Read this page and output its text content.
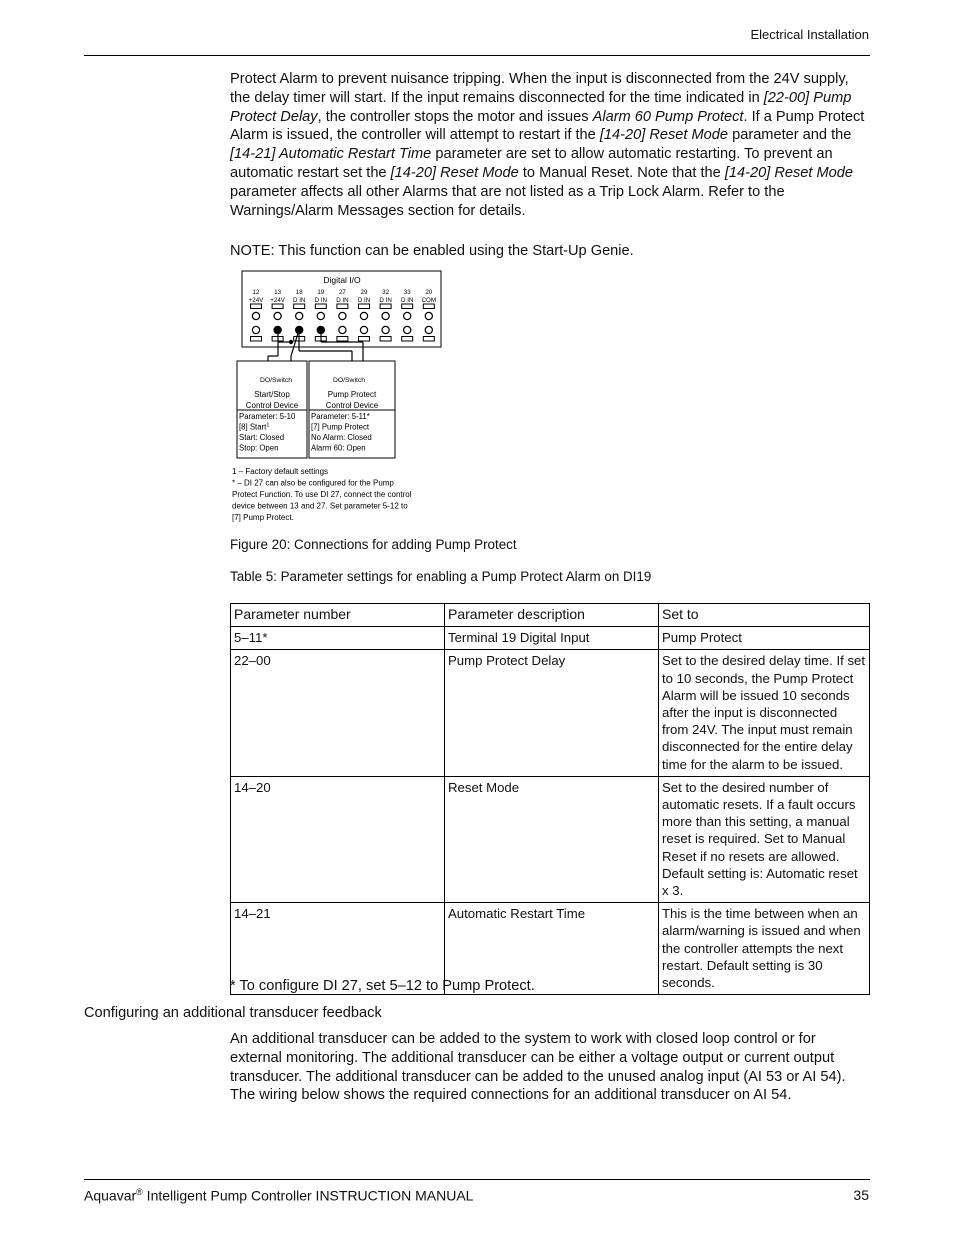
Electrical Installation

Protect Alarm to prevent nuisance tripping. When the input is disconnected from the 24V supply, the delay timer will start. If the input remains disconnected for the time indicated in [22-00] Pump Protect Delay, the controller stops the motor and issues Alarm 60 Pump Protect. If a Pump Protect Alarm is issued, the controller will attempt to restart if the [14-20] Reset Mode parameter and the [14-21] Automatic Restart Time parameter are set to allow automatic restarting. To prevent an automatic restart set the [14-20] Reset Mode to Manual Reset. Note that the [14-20] Reset Mode parameter affects all other Alarms that are not listed as a Trip Lock Alarm. Refer to the Warnings/Alarm Messages section for details.

NOTE: This function can be enabled using the Start-Up Genie.
Digital I/O
12
+24V
13
+24V
18
D IN
19
D IN
27
D IN
29
D IN
32
D IN
33
D IN
20
COM
DO/Switch
Start/Stop
Control Device
Parameter: 5-10
[8] Start$^1$
Start: Closed
Stop: Open
DO/Switch
Pump Protect
Control Device
Parameter: 5-11*
[7] Pump Protect
No Alarm: Closed
Alarm 60: Open
1 – Factory default settings
* – DI 27 can also be configured for the Pump
Protect Function. To use DI 27, connect the control
device between 13 and 27. Set parameter 5-12 to
[7] Pump Protect.
Figure 20: Connections for adding Pump Protect
Table 5: Parameter settings for enabling a Pump Protect Alarm on DI19
Parameter number	Parameter description	Set to
5–11*	Terminal 19 Digital Input	Pump Protect
22–00	Pump Protect Delay	Set to the desired delay time. If set to 10 seconds, the Pump Protect Alarm will be issued 10 seconds after the input is disconnected from 24V. The input must remain disconnected for the entire delay time for the alarm to be issued.
14–20	Reset Mode	Set to the desired number of automatic resets. If a fault occurs more than this setting, a manual reset is required. Set to Manual Reset if no resets are allowed. Default setting is: Automatic reset x 3.
14–21	Automatic Restart Time	This is the time between when an alarm/warning is issued and when the controller attempts the next restart. Default setting is 30 seconds.
* To configure DI 27, set 5–12 to Pump Protect.
Configuring an additional transducer feedback

An additional transducer can be added to the system to work with closed loop control or for external monitoring. The additional transducer can be either a voltage output or current output transducer. The additional transducer can be added to the unused analog input (AI 53 or AI 54). The wiring below shows the required connections for an additional transducer on AI 54.

Aquavar® Intelligent Pump Controller INSTRUCTION MANUAL	35
